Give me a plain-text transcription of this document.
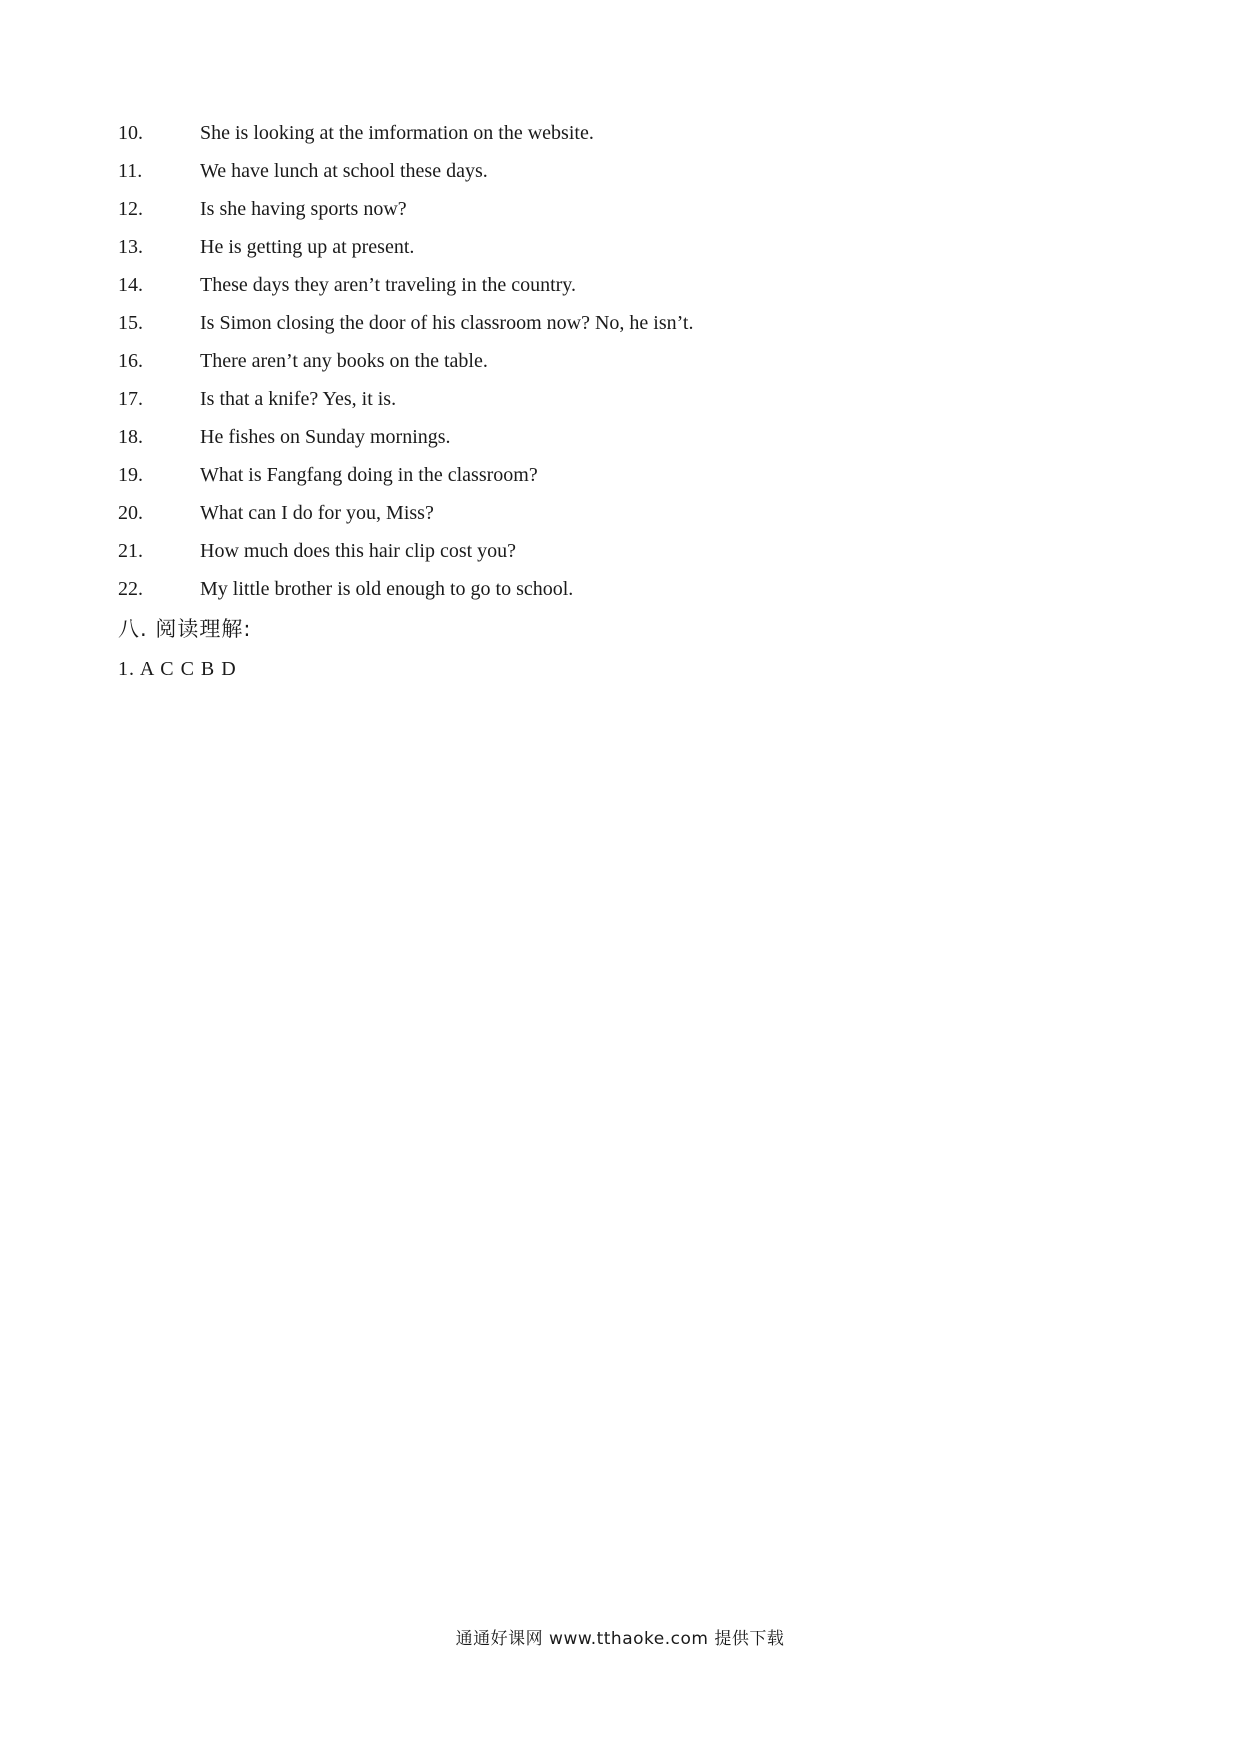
10.	She is looking at the imformation on the website.
11.	We have lunch at school these days.
12.	Is she having sports now?
13.	He is getting up at present.
14.	These days they aren’t traveling in the country.
15.	Is Simon closing the door of his classroom now? No, he isn’t.
16.	There aren’t any books on the table.
17.	Is that a knife? Yes, it is.
18.	He fishes on Sunday mornings.
19.	What is Fangfang doing in the classroom?
20.	What can I do for you, Miss?
21.	How much does this hair clip cost you?
22.	My little brother is old enough to go to school.
八. 阅读理解:
1. A C C B D
通通好课网 www.tthaoke.com 提供下载
